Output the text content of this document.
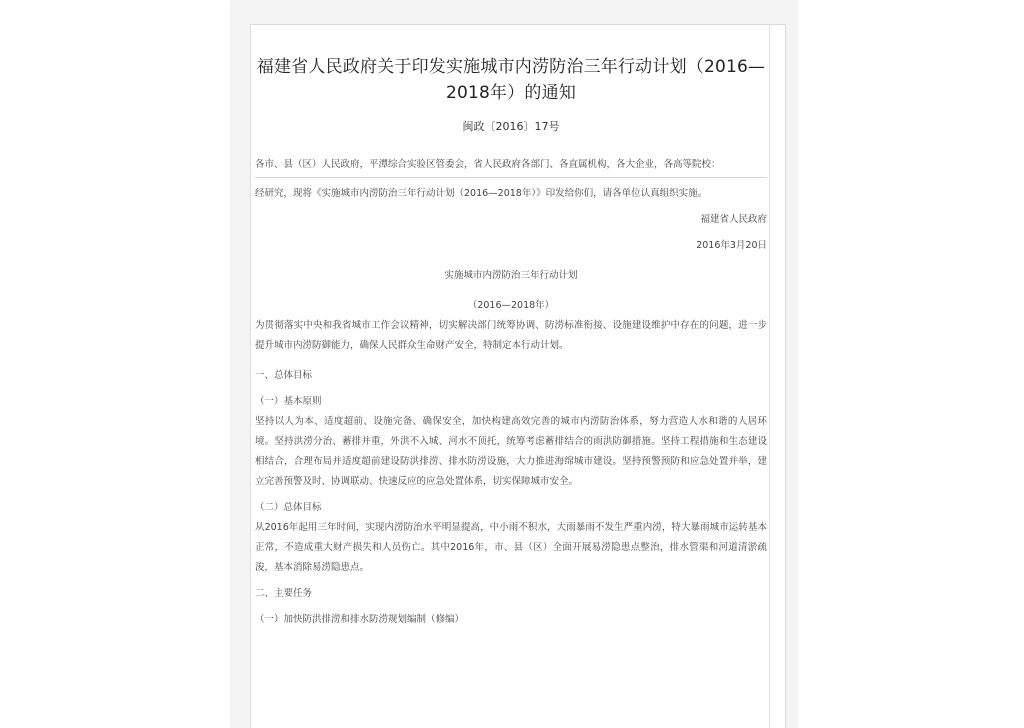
福建省人民政府关于印发实施城市内涝防治三年行动计划（2016—2018年）的通知
闽政〔2016〕17号
各市、县（区）人民政府，平潭综合实验区管委会，省人民政府各部门、各直属机构，各大企业，各高等院校：

经研究，现将《实施城市内涝防治三年行动计划（2016—2018年）》印发给你们，请各单位认真组织实施。

福建省人民政府

2016年3月20日

实施城市内涝防治三年行动计划

（2016—2018年）

为贯彻落实中央和我省城市工作会议精神，切实解决部门统筹协调、防涝标准衔接、设施建设维护中存在的问题，进一步提升城市内涝防御能力，确保人民群众生命财产安全，特制定本行动计划。

一、总体目标

（一）基本原则

坚持以人为本、适度超前、设施完备、确保安全，加快构建高效完善的城市内涝防治体系，努力营造人水和谐的人居环境。坚持洪涝分治、蓄排并重，外洪不入城、河水不顶托，统筹考虑蓄排结合的雨洪防御措施。坚持工程措施和生态建设相结合，合理布局并适度超前建设防洪排涝、排水防涝设施，大力推进海绵城市建设。坚持预警预防和应急处置并举，建立完善预警及时、协调联动、快速反应的应急处置体系，切实保障城市安全。

（二）总体目标

从2016年起用三年时间，实现内涝防治水平明显提高，中小雨不积水，大雨暴雨不发生严重内涝，特大暴雨城市运转基本正常，不造成重大财产损失和人员伤亡。其中2016年，市、县（区）全面开展易涝隐患点整治，排水管渠和河道清淤疏浚，基本消除易涝隐患点。

二、主要任务

（一）加快防洪排涝和排水防涝规划编制（修编）
